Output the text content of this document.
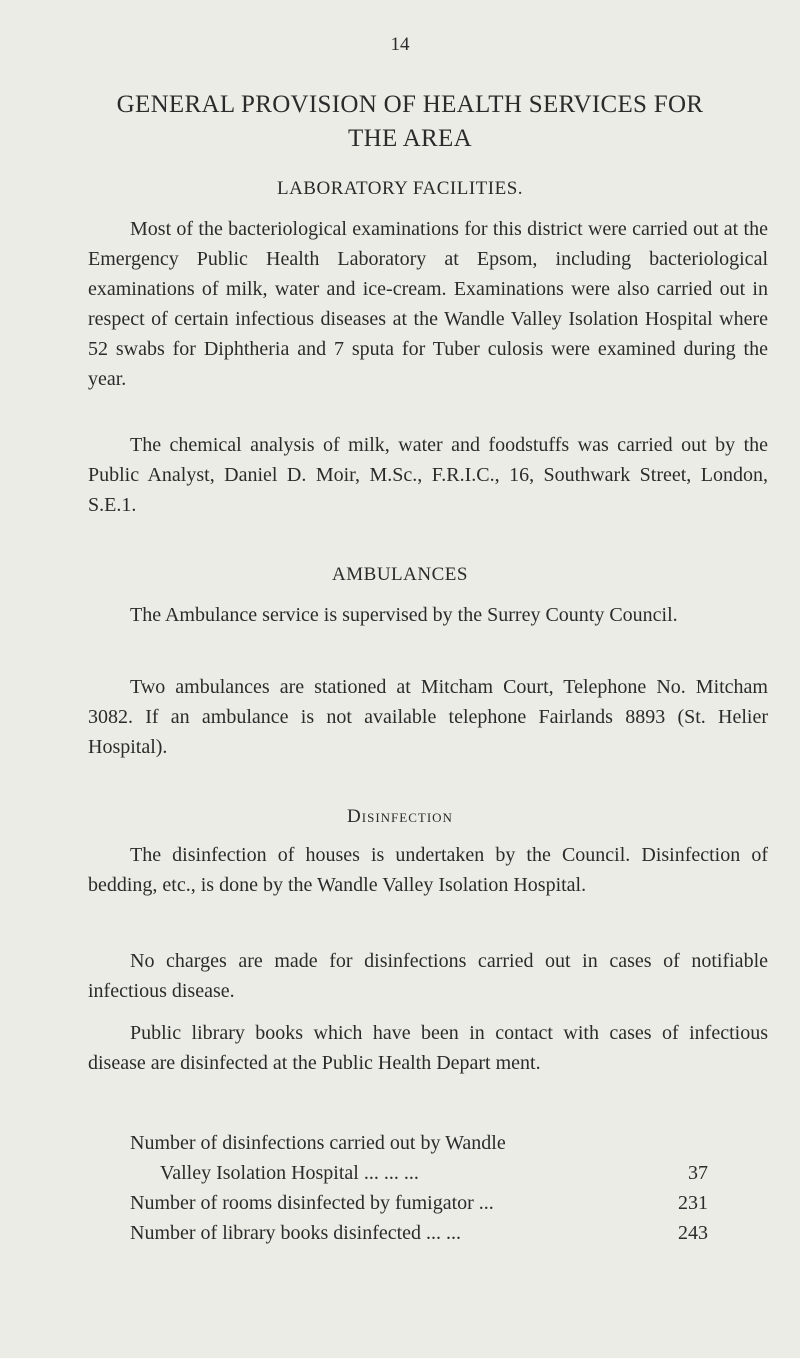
14
GENERAL PROVISION OF HEALTH SERVICES FOR
THE AREA
LABORATORY FACILITIES.

Most of the bacteriological examinations for this district were carried out at the Emergency Public Health Laboratory at Epsom, including bacteriological examinations of milk, water and ice-cream. Examinations were also carried out in respect of certain infectious diseases at the Wandle Valley Isolation Hospital where 52 swabs for Diphtheria and 7 sputa for Tuber culosis were examined during the year.

The chemical analysis of milk, water and foodstuffs was carried out by the Public Analyst, Daniel D. Moir, M.Sc., F.R.I.C., 16, Southwark Street, London, S.E.1.

AMBULANCES

The Ambulance service is supervised by the Surrey County Council.

Two ambulances are stationed at Mitcham Court, Telephone No. Mitcham 3082. If an ambulance is not available telephone Fairlands 8893 (St. Helier Hospital).

Disinfection

The disinfection of houses is undertaken by the Council. Disinfection of bedding, etc., is done by the Wandle Valley Isolation Hospital.

No charges are made for disinfections carried out in cases of notifiable infectious disease.

Public library books which have been in contact with cases of infectious disease are disinfected at the Public Health Depart ment.

Number of disinfections carried out by Wandle
Valley Isolation Hospital ... ... ...	37
Number of rooms disinfected by fumigator ...	231
Number of library books disinfected ... ...	243
